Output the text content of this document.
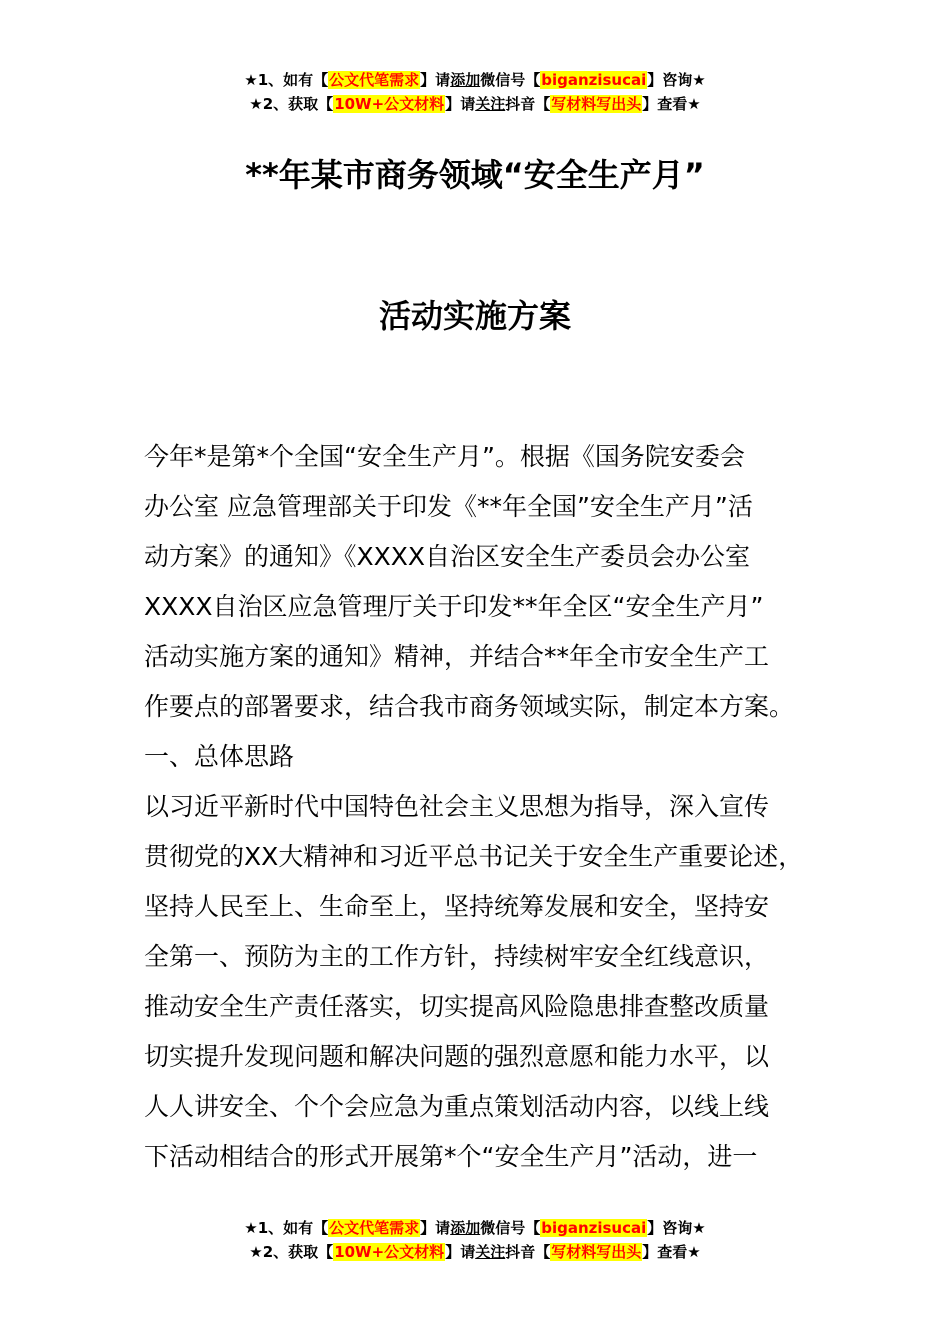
★1、如有【公文代笔需求】请添加微信号【biganzisucai】咨询★
★2、获取【10W+公文材料】请关注抖音【写材料写出头】查看★
**年某市商务领域“安全生产月”
活动实施方案
今年*是第*个全国“安全生产月”。根据《国务院安委会
办公室 应急管理部关于印发《**年全国”安全生产月”活
动方案》的通知》《XXXX自治区安全生产委员会办公室
XXXX自治区应急管理厅关于印发**年全区“安全生产月”
活动实施方案的通知》精神，并结合**年全市安全生产工
作要点的部署要求，结合我市商务领域实际，制定本方案。
一、总体思路
以习近平新时代中国特色社会主义思想为指导，深入宣传
贯彻党的XX大精神和习近平总书记关于安全生产重要论述，
坚持人民至上、生命至上，坚持统筹发展和安全，坚持安
全第一、预防为主的工作方针，持续树牢安全红线意识，
推动安全生产责任落实，切实提高风险隐患排查整改质量
切实提升发现问题和解决问题的强烈意愿和能力水平，以
人人讲安全、个个会应急为重点策划活动内容，以线上线
下活动相结合的形式开展第*个“安全生产月”活动，进一
★1、如有【公文代笔需求】请添加微信号【biganzisucai】咨询★
★2、获取【10W+公文材料】请关注抖音【写材料写出头】查看★
